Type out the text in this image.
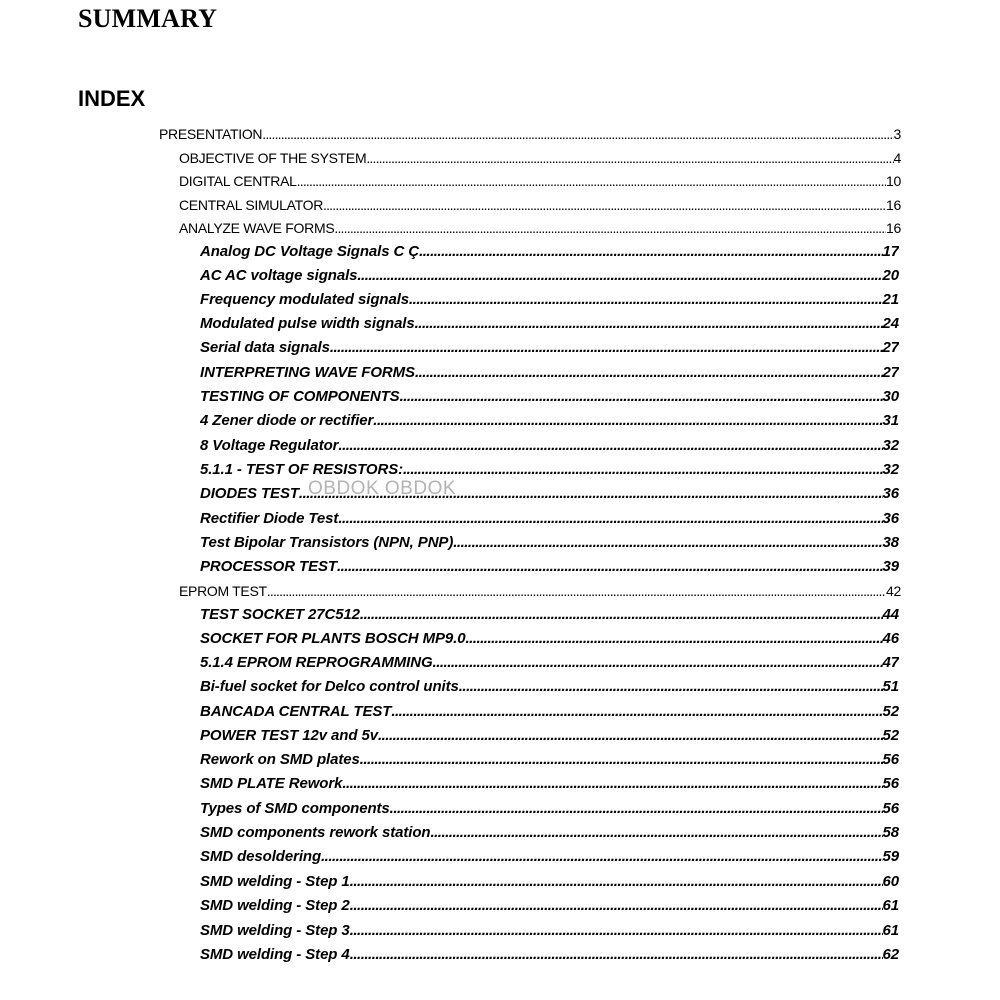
SUMMARY
INDEX
PRESENTATION .....	3
OBJECTIVE OF THE SYSTEM .....	4
DIGITAL CENTRAL .....	10
CENTRAL SIMULATOR .....	16
ANALYZE WAVE FORMS .....	16
Analog DC Voltage Signals C Ç .....	17
AC AC voltage signals .....	20
Frequency modulated signals .....	21
Modulated pulse width signals .....	24
Serial data signals .....	27
INTERPRETING WAVE FORMS .....	27
TESTING OF COMPONENTS .....	30
4 Zener diode or rectifier .....	31
8 Voltage Regulator .....	32
5.1.1 - TEST OF RESISTORS: .....	32
DIODES TEST .....	36
Rectifier Diode Test .....	36
Test Bipolar Transistors (NPN, PNP) .....	38
PROCESSOR TEST .....	39
EPROM TEST .....	42
TEST SOCKET 27C512 .....	44
SOCKET FOR PLANTS BOSCH MP9.0 .....	46
5.1.4 EPROM REPROGRAMMING .....	47
Bi-fuel socket for Delco control units .....	51
BANCADA CENTRAL TEST .....	52
POWER TEST 12v and 5v .....	52
Rework on SMD plates .....	56
SMD PLATE Rework .....	56
Types of SMD components .....	56
SMD components rework station .....	58
SMD desoldering .....	59
SMD welding - Step 1 .....	60
SMD welding - Step 2 .....	61
SMD welding - Step 3 .....	61
SMD welding - Step 4 .....	62
OBDOK OBDOK
